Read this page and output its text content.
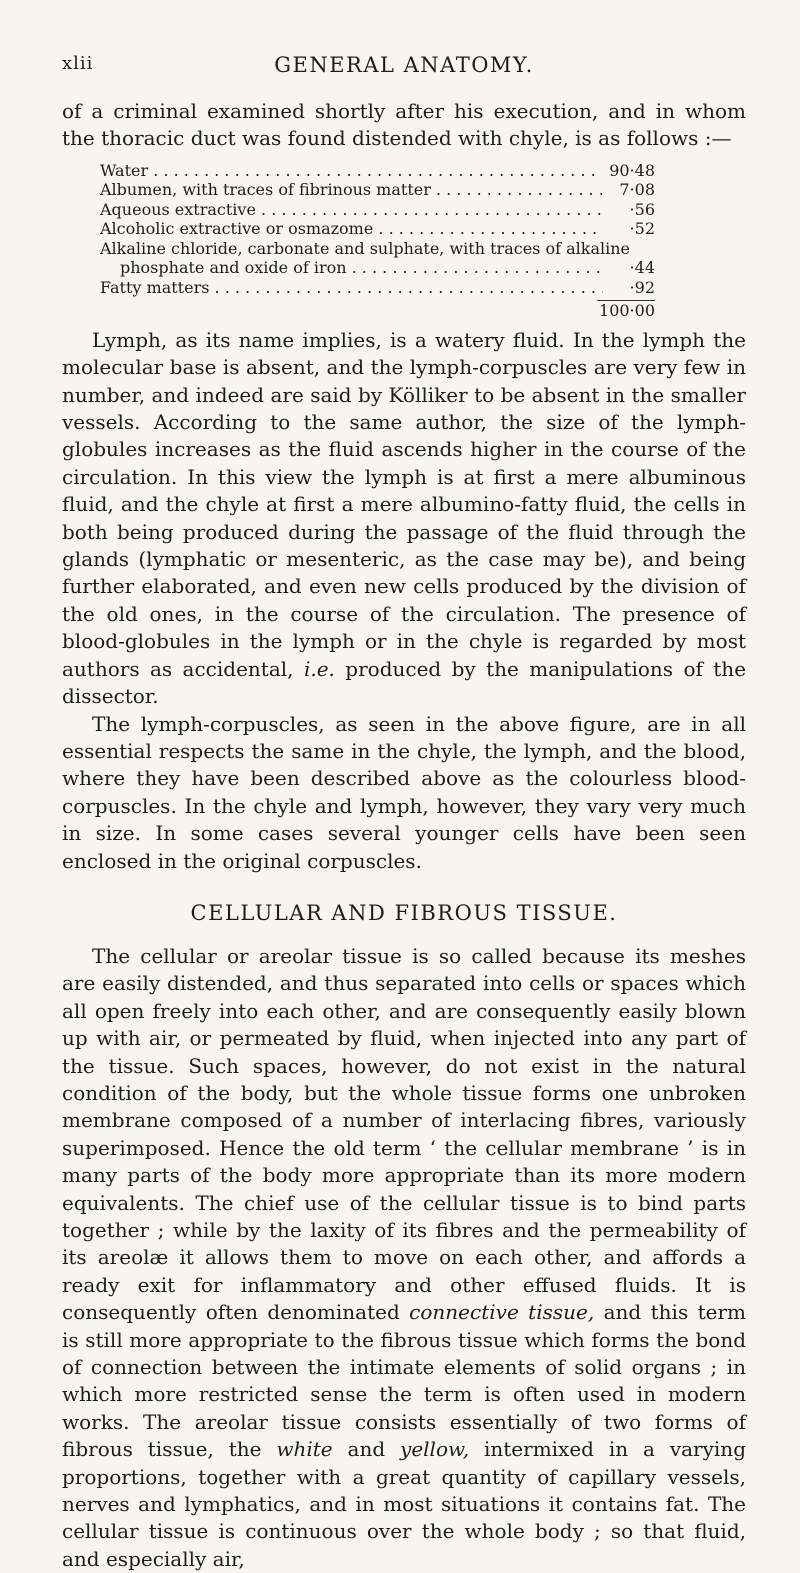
xlii	GENERAL ANATOMY.

of a criminal examined shortly after his execution, and in whom the thoracic duct was found distended with chyle, is as follows :—

Water . . .	90·48
Albumen, with traces of fibrinous matter . . .	7·08
Aqueous extractive . . .	·56
Alcoholic extractive or osmazome . . .	·52
Alkaline chloride, carbonate and sulphate, with traces of alkaline
phosphate and oxide of iron . . .	·44
Fatty matters . . .	·92
100·00

Lymph, as its name implies, is a watery fluid. In the lymph the molecular base is absent, and the lymph-corpuscles are very few in number, and indeed are said by Kölliker to be absent in the smaller vessels. According to the same author, the size of the lymph-globules increases as the fluid ascends higher in the course of the circulation. In this view the lymph is at first a mere albuminous fluid, and the chyle at first a mere albumino-fatty fluid, the cells in both being produced during the passage of the fluid through the glands (lymphatic or mesenteric, as the case may be), and being further elaborated, and even new cells produced by the division of the old ones, in the course of the circulation. The presence of blood-globules in the lymph or in the chyle is regarded by most authors as accidental, i.e. produced by the manipulations of the dissector.

The lymph-corpuscles, as seen in the above figure, are in all essential respects the same in the chyle, the lymph, and the blood, where they have been described above as the colourless blood-corpuscles. In the chyle and lymph, however, they vary very much in size. In some cases several younger cells have been seen enclosed in the original corpuscles.

CELLULAR AND FIBROUS TISSUE.

The cellular or areolar tissue is so called because its meshes are easily distended, and thus separated into cells or spaces which all open freely into each other, and are consequently easily blown up with air, or permeated by fluid, when injected into any part of the tissue. Such spaces, however, do not exist in the natural condition of the body, but the whole tissue forms one unbroken membrane composed of a number of interlacing fibres, variously superimposed. Hence the old term ‘ the cellular membrane ’ is in many parts of the body more appropriate than its more modern equivalents. The chief use of the cellular tissue is to bind parts together ; while by the laxity of its fibres and the permeability of its areolæ it allows them to move on each other, and affords a ready exit for inflammatory and other effused fluids. It is consequently often denominated connective tissue, and this term is still more appropriate to the fibrous tissue which forms the bond of connection between the intimate elements of solid organs ; in which more restricted sense the term is often used in modern works. The areolar tissue consists essentially of two forms of fibrous tissue, the white and yellow, intermixed in a varying proportions, together with a great quantity of capillary vessels, nerves and lymphatics, and in most situations it contains fat. The cellular tissue is continuous over the whole body ; so that fluid, and especially air,
